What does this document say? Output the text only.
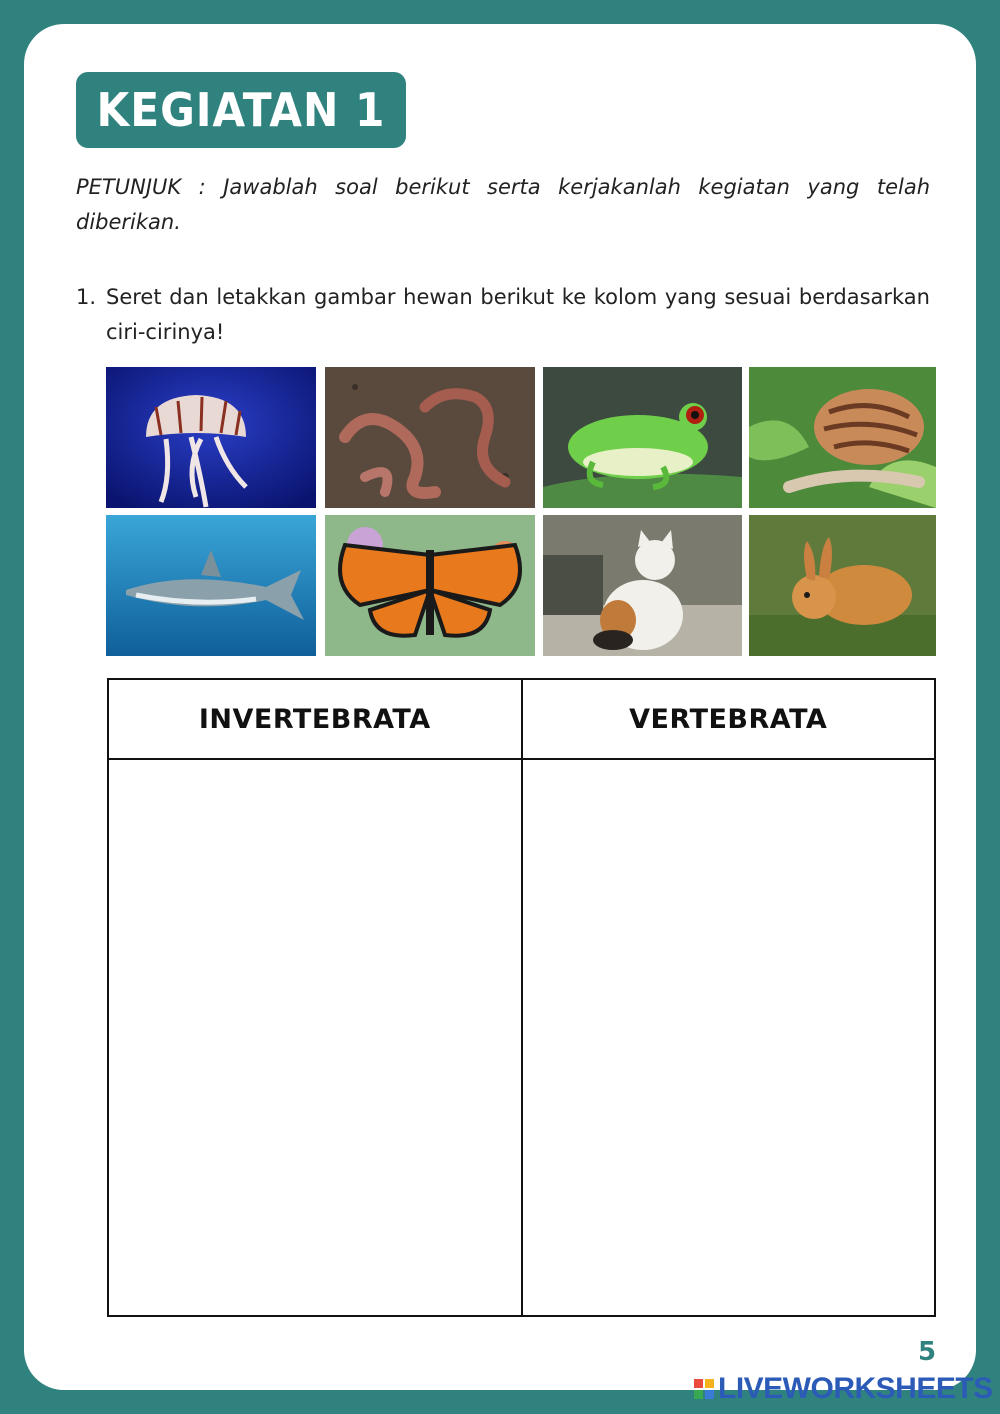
KEGIATAN 1
PETUNJUK : Jawablah soal berikut serta kerjakanlah kegiatan yang telah diberikan.
1. Seret dan letakkan gambar hewan berikut ke kolom yang sesuai berdasarkan ciri-cirinya!
INVERTEBRATA	VERTEBRATA

5
LIVEWORKSHEETS
